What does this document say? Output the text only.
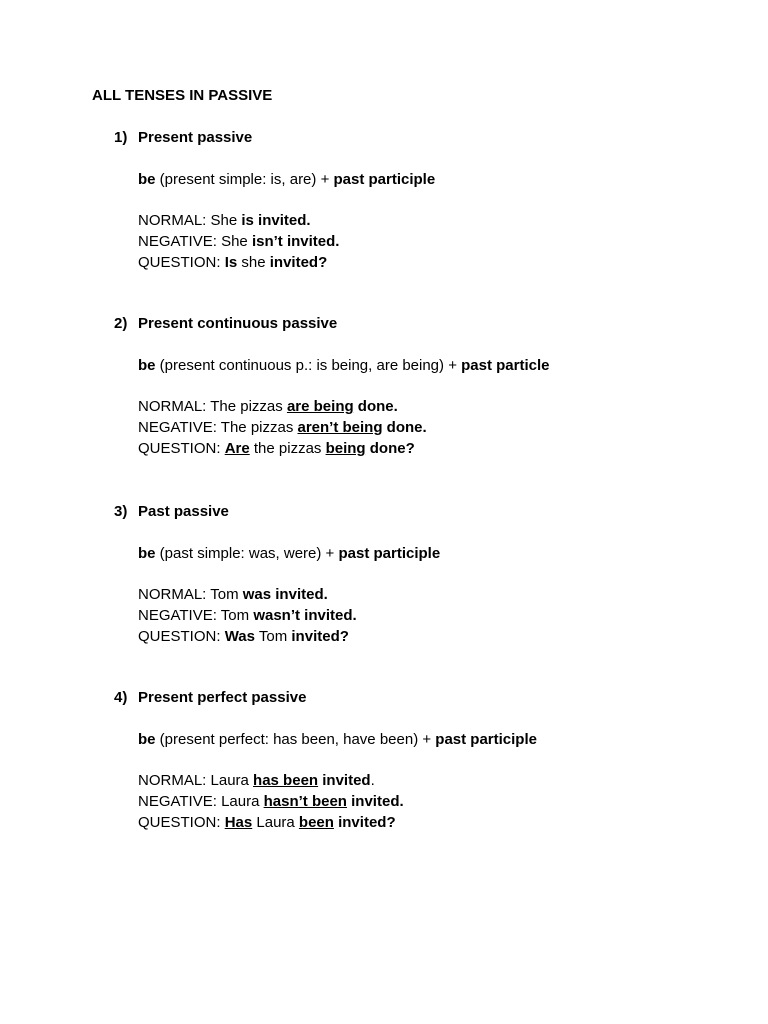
ALL TENSES IN PASSIVE
1) Present passive
be (present simple: is, are) + past participle
NORMAL: She is invited.
NEGATIVE: She isn’t invited.
QUESTION: Is she invited?
2) Present continuous passive
be (present continuous p.: is being, are being) + past particle
NORMAL: The pizzas are being done.
NEGATIVE: The pizzas aren’t being done.
QUESTION: Are the pizzas being done?
3) Past passive
be (past simple: was, were) + past participle
NORMAL: Tom was invited.
NEGATIVE: Tom wasn’t invited.
QUESTION: Was Tom invited?
4) Present perfect passive
be (present perfect: has been, have been) + past participle
NORMAL: Laura has been invited.
NEGATIVE: Laura hasn’t been invited.
QUESTION: Has Laura been invited?
